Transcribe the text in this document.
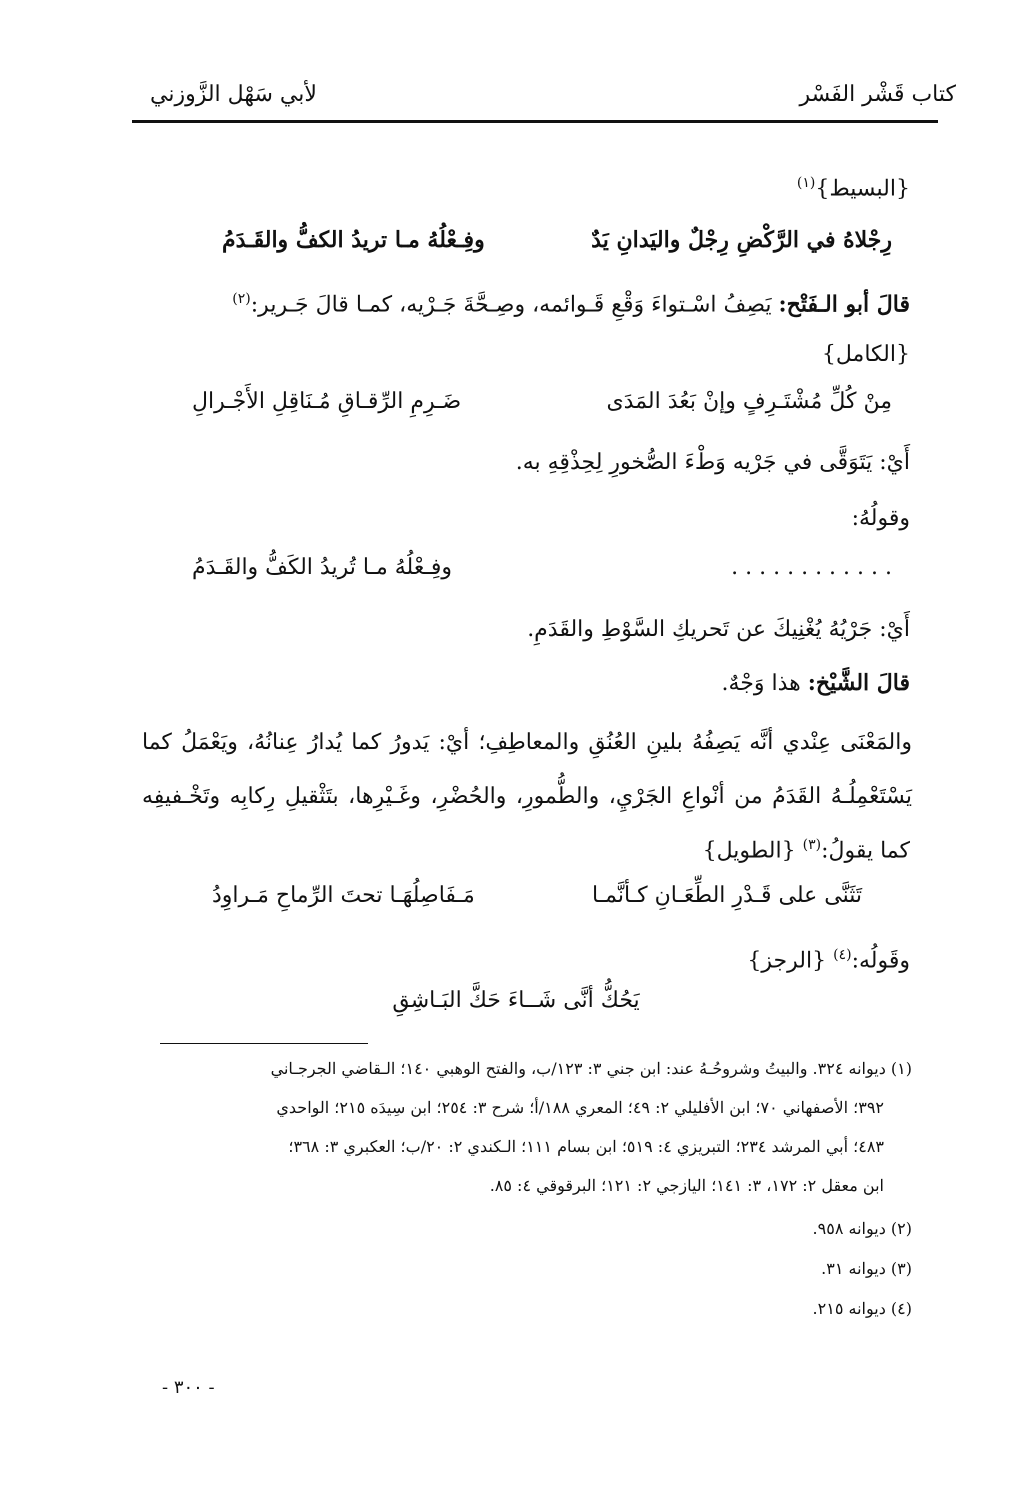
كتاب قَشْر الفَسْر
لأبي سَهْل الزَّوزني
{البسيط}$^{(١)}$
رِجْلاهُ في الرَّكْضِ رِجْلٌ واليَدانِ يَدٌ
وفِـعْلُهُ مـا تريدُ الكفُّ والقَـدَمُ
قالَ أبو الـفَتْح: يَصِفُ اسْـتواءَ وَقْعِ قَـوائمه، وصِـحَّةَ جَـرْيه، كمـا قالَ جَـرير:$^{(٢)}$
{الكامل}
مِنْ كُلِّ مُشْتَـرِفٍ وإنْ بَعُدَ المَدَى
ضَـرِمِ الرِّقـاقِ مُـنَاقِلِ الأَجْـرالِ
أَيْ: يَتَوَقَّى في جَرْيه وَطْءَ الصُّخورِ لِحِذْقِهِ به.
وقولُهُ:
. . . . . . . . . . . .
وفِـعْلُهُ مـا تُريدُ الكَفُّ والقَـدَمُ
أَيْ: جَرْيُهُ يُغْنِيكَ عن تَحريكِ السَّوْطِ والقَدَمِ.
قالَ الشَّيْخ: هذا وَجْهٌ.
والمَعْنَى عِنْدي أنَّه يَصِفُهُ بلينِ العُنُقِ والمعاطِفِ؛ أيْ: يَدورُ كما يُدارُ عِنانُهُ، ويَعْمَلُ كما
يَسْتَعْمِلُـهُ القَدَمُ من أنْواعِ الجَرْيِ، والطُّمورِ، والحُضْرِ، وغَـيْرِها، بتَثْقيلِ رِكابِه وتَخْـفيفِه
كما يقولُ:$^{(٣)}$ {الطويل}
تَثَنَّى على قَـدْرِ الطِّعَـانِ كـأنَّمـا
مَـفَاصِلُهَـا تحتَ الرِّماحِ مَـراوِدُ
وقَولُه:$^{(٤)}$ {الرجز}
يَحُكُّ أنَّى شَــاءَ حَكَّ البَـاشِقِ
(١) ديوانه ٣٢٤. والبيتُ وشروحُـهُ عند: ابن جني ٣: ١٢٣/ب، والفتح الوهبي ١٤٠؛ الـقاضي الجرجـاني
٣٩٢؛ الأصفهاني ٧٠؛ ابن الأفليلي ٢: ٤٩؛ المعري ١٨٨/أ؛ شرح ٣: ٢٥٤؛ ابن سِيدَه ٢١٥؛ الواحدي
٤٨٣؛ أبي المرشد ٢٣٤؛ التبريزي ٤: ٥١٩؛ ابن بسام ١١١؛ الـكندي ٢: ٢٠/ب؛ العكبري ٣: ٣٦٨؛
ابن معقل ٢: ١٧٢، ٣: ١٤١؛ اليازجي ٢: ١٢١؛ البرقوقي ٤: ٨٥.
(٢) ديوانه ٩٥٨.
(٣) ديوانه ٣١.
(٤) ديوانه ٢١٥.
- ٣٠٠ -
